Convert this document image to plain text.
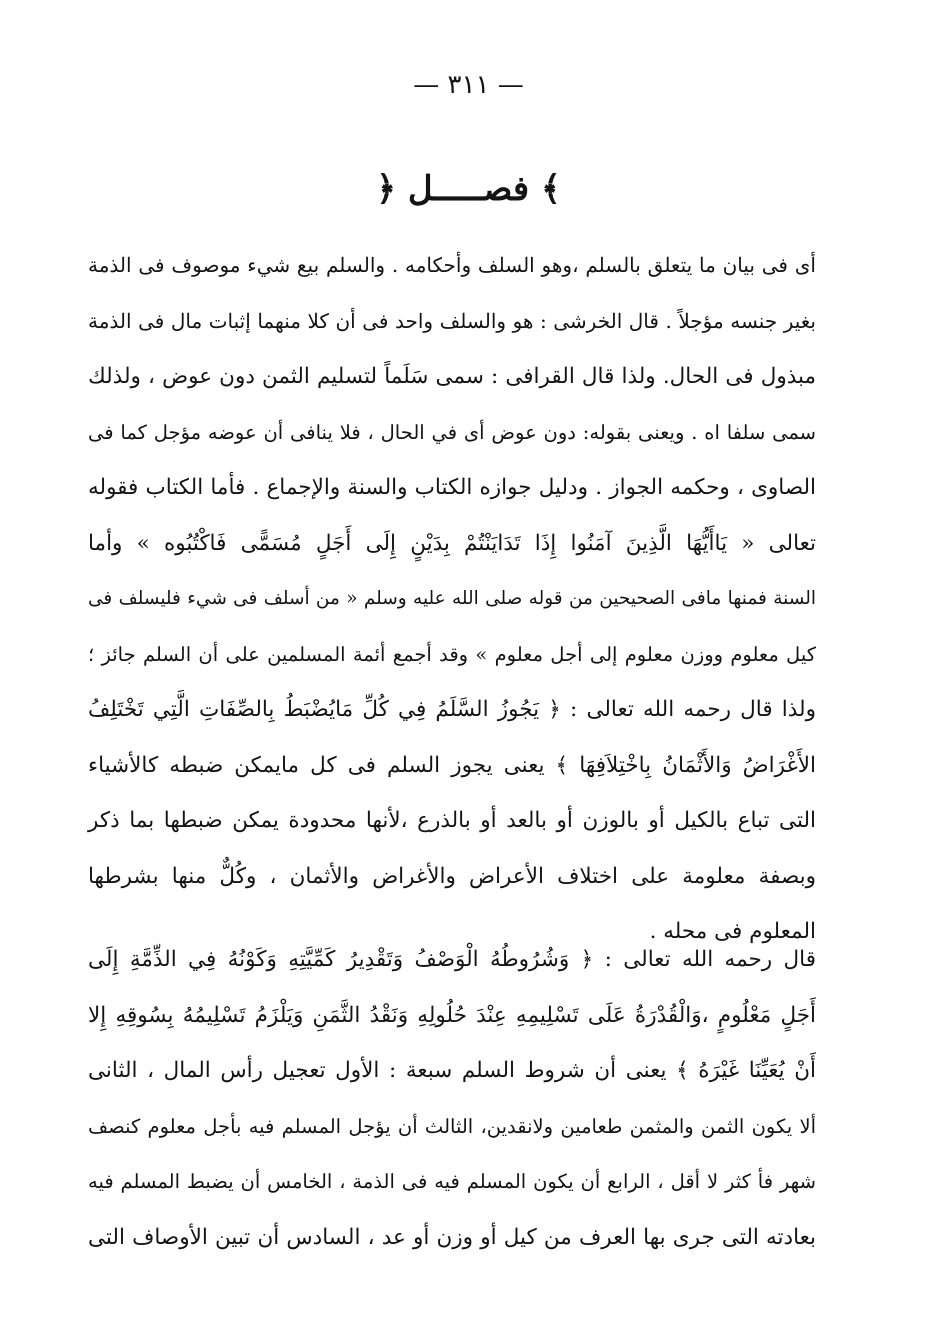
— ٣١١ —
﴿ فصـــــل ﴾
أى فى بيان ما يتعلق بالسلم ،وهو السلف وأحكامه . والسلم بيع شيء موصوف فى الذمة
بغير جنسه مؤجلاً . قال الخرشى : هو والسلف واحد فى أن كلا منهما إثبات مال فى الذمة
مبذول فى الحال. ولذا قال القرافى : سمى سَلَماً لتسليم الثمن دون عوض ، ولذلك
سمى سلفا اه . ويعنى بقوله: دون عوض أى في الحال ، فلا ينافى أن عوضه مؤجل كما فى
الصاوى ، وحكمه الجواز . ودليل جوازه الكتاب والسنة والإجماع . فأما الكتاب فقوله
تعالى « يَاأَيُّهَا الَّذِينَ آمَنُوا إِذَا تَدَايَنْتُمْ بِدَيْنٍ إِلَى أَجَلٍ مُسَمًّى فَاكْتُبُوه » وأما
السنة فمنها مافى الصحيحين من قوله صلى الله عليه وسلم « من أسلف فى شيء فليسلف فى
كيل معلوم ووزن معلوم إلى أجل معلوم » وقد أجمع أئمة المسلمين على أن السلم جائز ؛
ولذا قال رحمه الله تعالى : ﴿ يَجُوزُ السَّلَمُ فِي كُلِّ مَايُضْبَطُ بِالصِّفَاتِ الَّتِي تَخْتَلِفُ
الأَغْرَاضُ وَالأَثْمَانُ بِاخْتِلاَفِهَا ﴾ يعنى يجوز السلم فى كل مايمكن ضبطه كالأشياء
التى تباع بالكيل أو بالوزن أو بالعد أو بالذرع ،لأنها محدودة يمكن ضبطها بما ذكر
وبصفة معلومة على اختلاف الأعراض والأغراض والأثمان ، وكُلٌّ منها بشرطها
المعلوم فى محله .
قال رحمه الله تعالى : ﴿ وَشُرُوطُهُ الْوَصْفُ وَتَقْدِيرُ كَمِّيَّتِهِ وَكَوْنُهُ فِي الذِّمَّةِ إِلَى
أَجَلٍ مَعْلُومٍ ،وَالْقُدْرَةُ عَلَى تَسْلِيمِهِ عِنْدَ حُلُولِهِ وَنَقْدُ الثَّمَنِ وَيَلْزَمُ تَسْلِيمُهُ بِسُوقِهِ إِلا
أَنْ يُعَيِّنَا غَيْرَهُ ﴾ يعنى أن شروط السلم سبعة : الأول تعجيل رأس المال ، الثانى
ألا يكون الثمن والمثمن طعامين ولانقدين، الثالث أن يؤجل المسلم فيه بأجل معلوم كنصف
شهر فأ كثر لا أقل ، الرابع أن يكون المسلم فيه فى الذمة ، الخامس أن يضبط المسلم فيه
بعادته التى جرى بها العرف من كيل أو وزن أو عد ، السادس أن تبين الأوصاف التى
